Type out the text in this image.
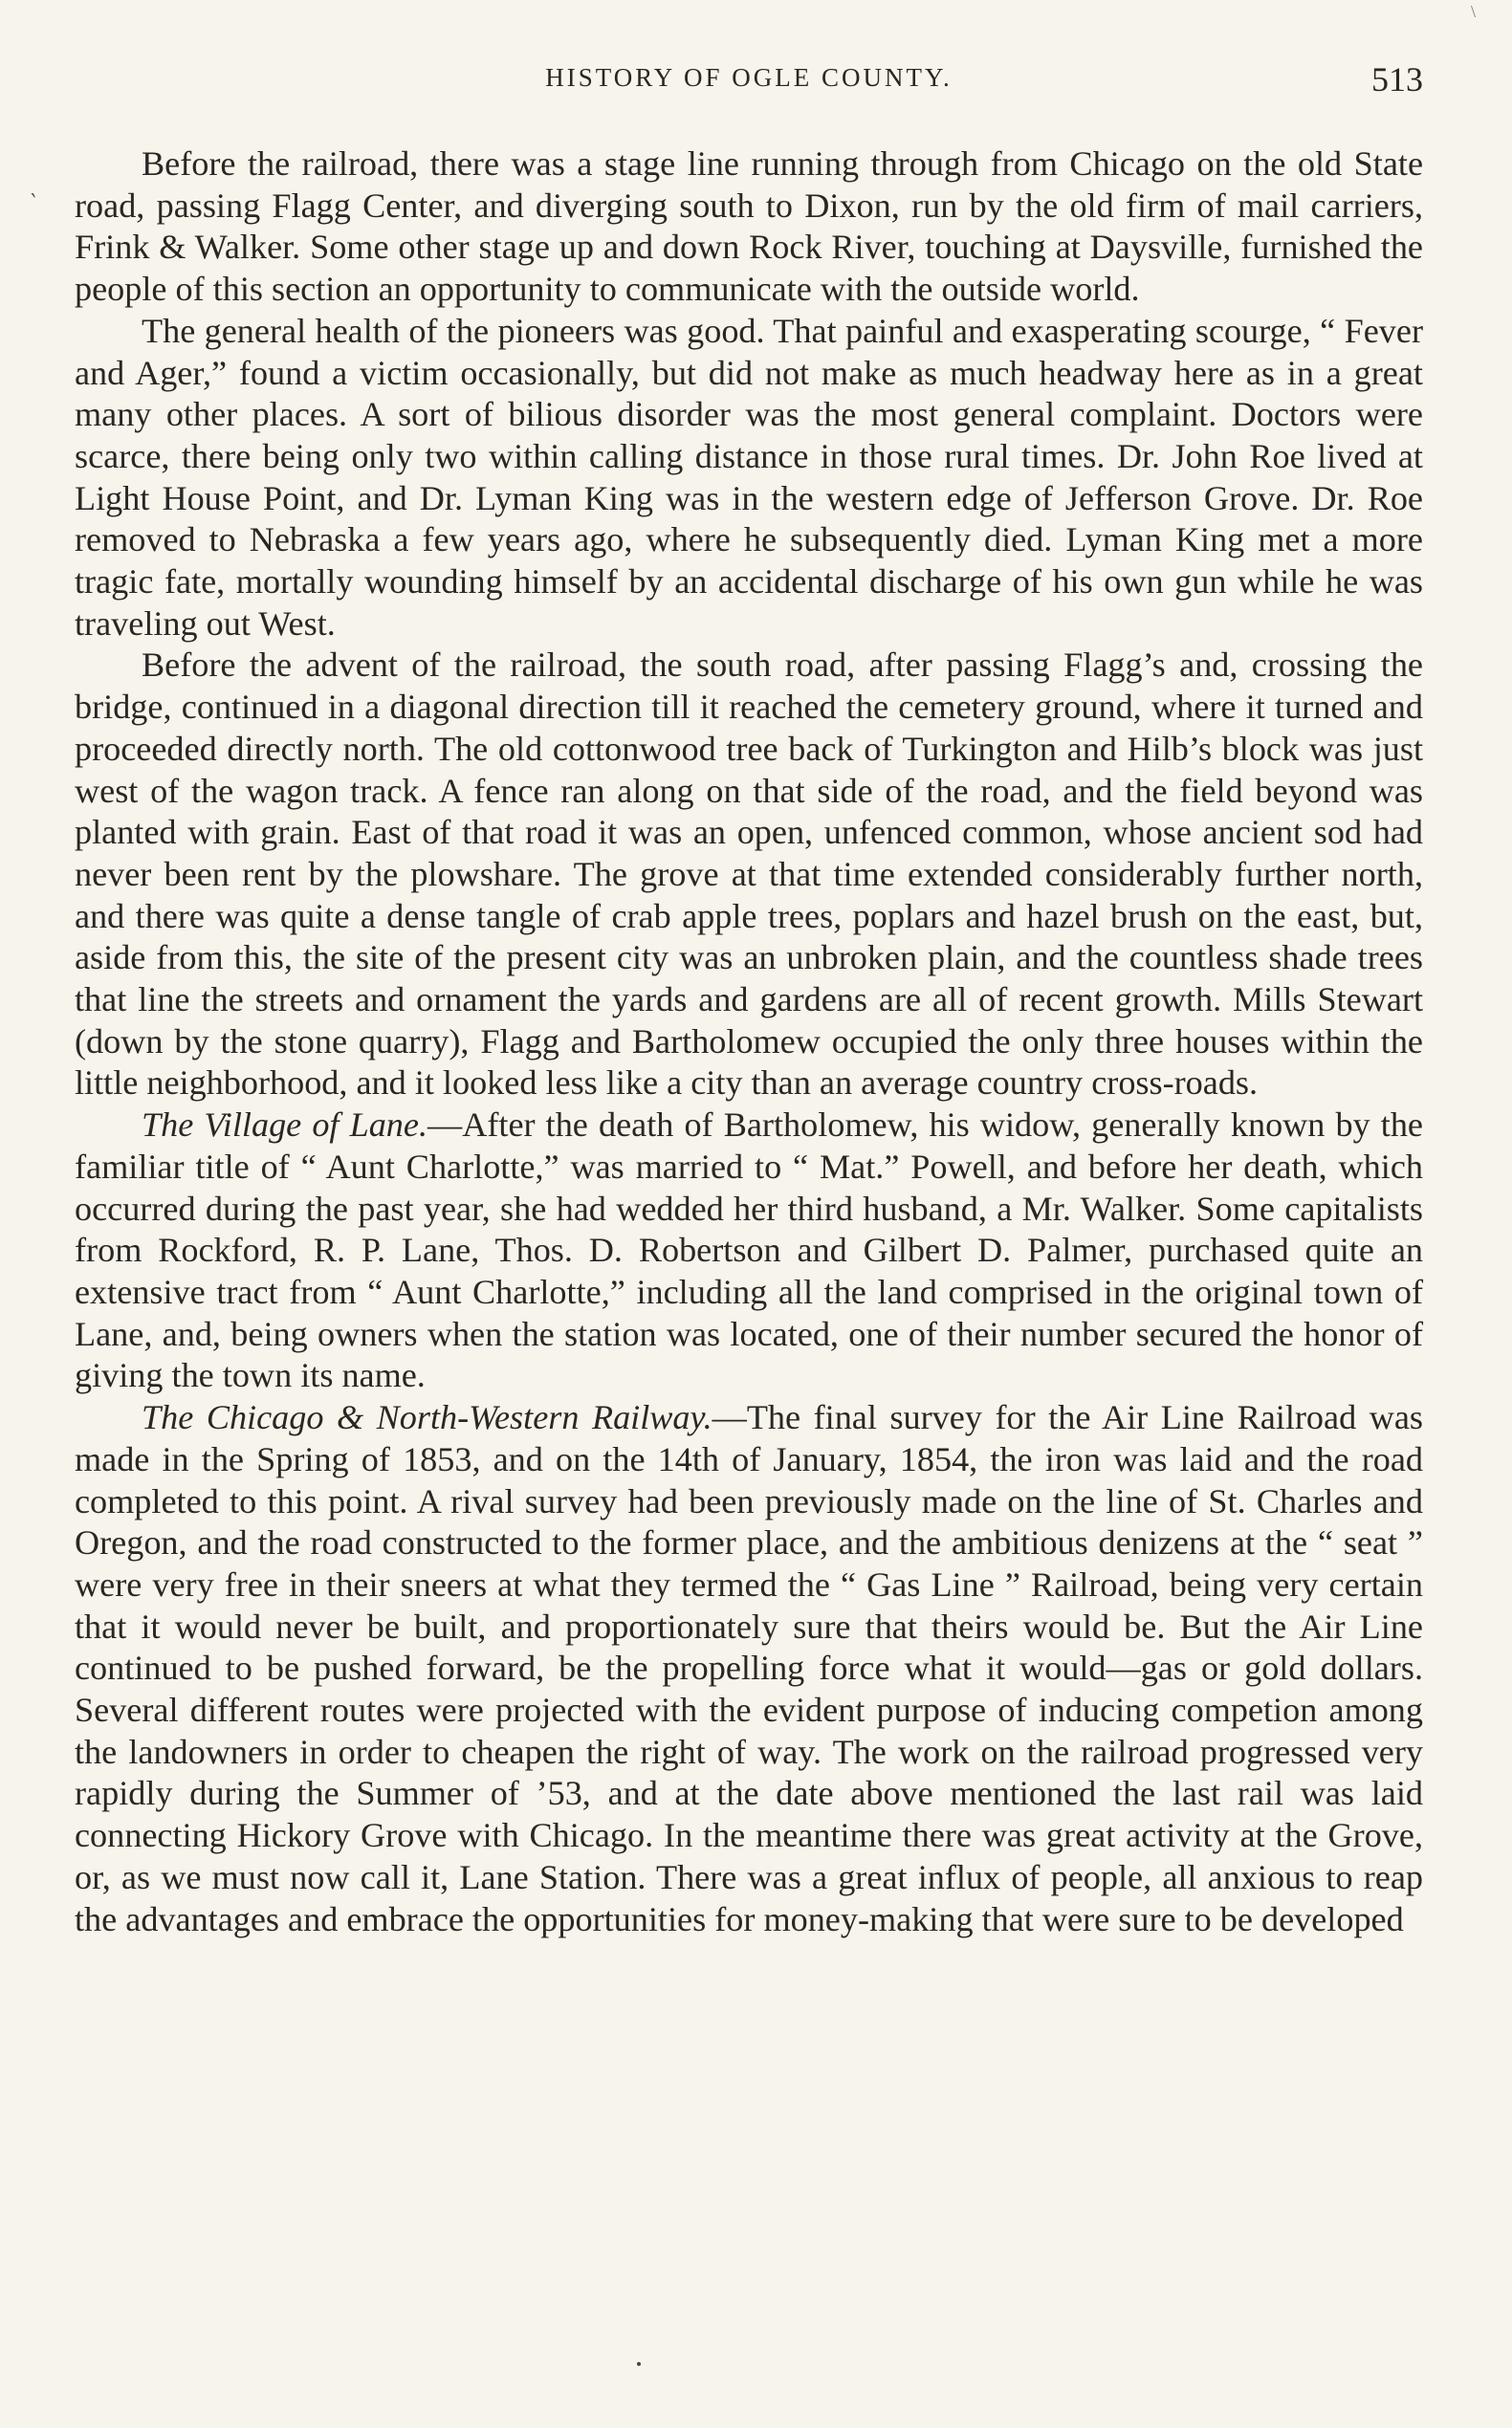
\
HISTORY OF OGLE COUNTY.	513
‵

Before the railroad, there was a stage line running through from Chicago on the old State road, passing Flagg Center, and diverging south to Dixon, run by the old firm of mail carriers, Frink & Walker. Some other stage up and down Rock River, touching at Daysville, furnished the people of this section an opportunity to communicate with the outside world.

The general health of the pioneers was good. That painful and exasperating scourge, “ Fever and Ager,” found a victim occasionally, but did not make as much headway here as in a great many other places. A sort of bilious disorder was the most general complaint. Doctors were scarce, there being only two within calling distance in those rural times. Dr. John Roe lived at Light House Point, and Dr. Lyman King was in the western edge of Jefferson Grove. Dr. Roe removed to Nebraska a few years ago, where he subsequently died. Lyman King met a more tragic fate, mortally wounding himself by an accidental discharge of his own gun while he was traveling out West.

Before the advent of the railroad, the south road, after passing Flagg’s and, crossing the bridge, continued in a diagonal direction till it reached the cemetery ground, where it turned and proceeded directly north. The old cottonwood tree back of Turkington and Hilb’s block was just west of the wagon track. A fence ran along on that side of the road, and the field beyond was planted with grain. East of that road it was an open, unfenced common, whose ancient sod had never been rent by the plowshare. The grove at that time extended considerably further north, and there was quite a dense tangle of crab apple trees, poplars and hazel brush on the east, but, aside from this, the site of the present city was an unbroken plain, and the countless shade trees that line the streets and ornament the yards and gardens are all of recent growth. Mills Stewart (down by the stone quarry), Flagg and Bartholomew occupied the only three houses within the little neighborhood, and it looked less like a city than an average country cross-roads.

The Village of Lane.—After the death of Bartholomew, his widow, generally known by the familiar title of “ Aunt Charlotte,” was married to “ Mat.” Powell, and before her death, which occurred during the past year, she had wedded her third husband, a Mr. Walker. Some capitalists from Rockford, R. P. Lane, Thos. D. Robertson and Gilbert D. Palmer, purchased quite an extensive tract from “ Aunt Charlotte,” including all the land comprised in the original town of Lane, and, being owners when the station was located, one of their number secured the honor of giving the town its name.

The Chicago & North-Western Railway.—The final survey for the Air Line Railroad was made in the Spring of 1853, and on the 14th of January, 1854, the iron was laid and the road completed to this point. A rival survey had been previously made on the line of St. Charles and Oregon, and the road constructed to the former place, and the ambitious denizens at the “ seat ” were very free in their sneers at what they termed the “ Gas Line ” Railroad, being very certain that it would never be built, and proportionately sure that theirs would be. But the Air Line continued to be pushed forward, be the propelling force what it would—gas or gold dollars. Several different routes were projected with the evident purpose of inducing competion among the landowners in order to cheapen the right of way. The work on the railroad progressed very rapidly during the Summer of ’53, and at the date above mentioned the last rail was laid connecting Hickory Grove with Chicago. In the meantime there was great activity at the Grove, or, as we must now call it, Lane Station. There was a great influx of people, all anxious to reap the advantages and embrace the opportunities for money-making that were sure to be developed
